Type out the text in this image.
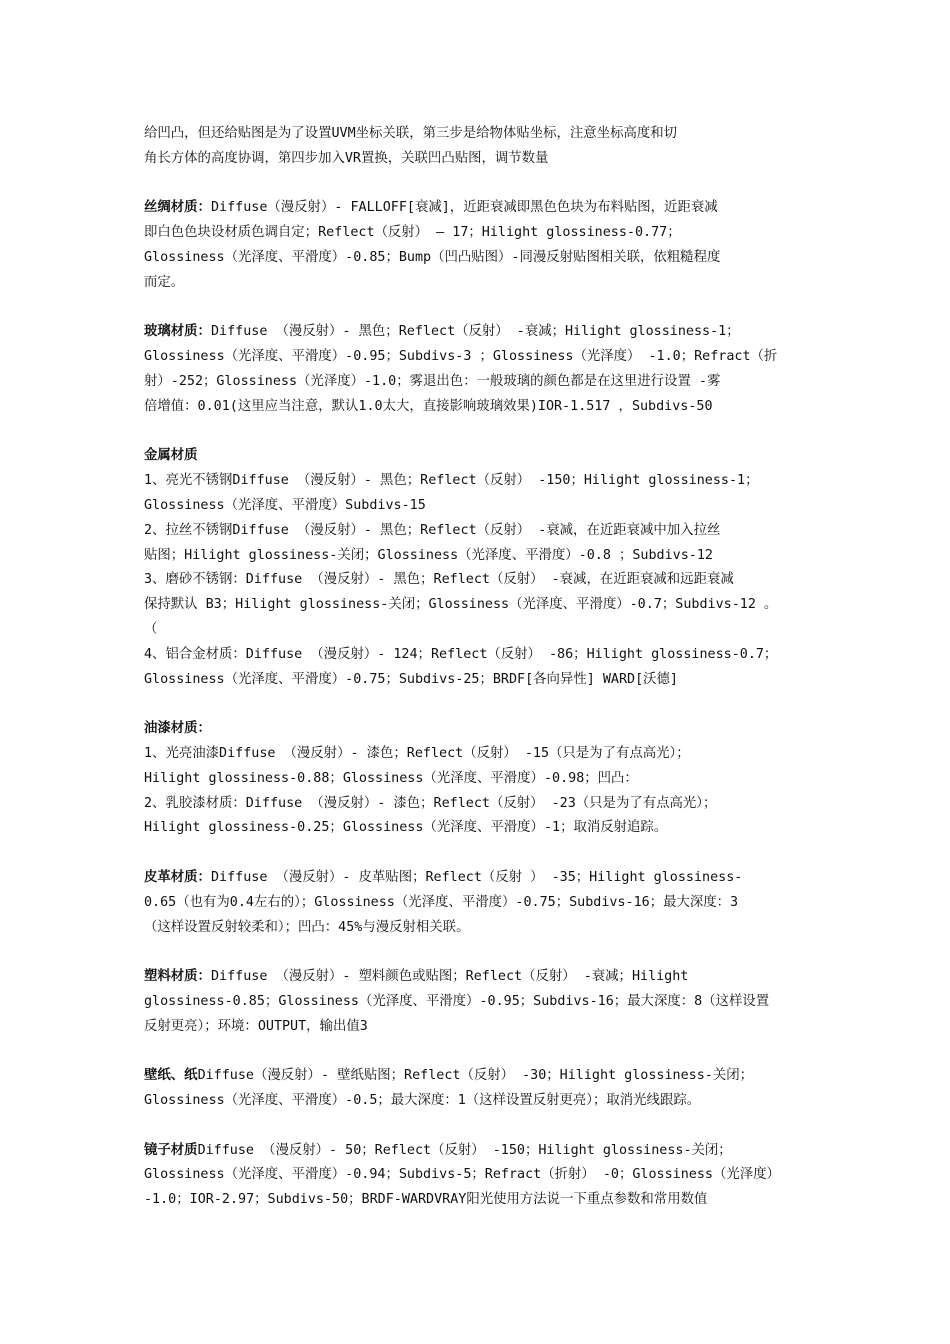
给凹凸，但还给贴图是为了设置UVM坐标关联，第三步是给物体贴坐标，注意坐标高度和切
角长方体的高度协调，第四步加入VR置换，关联凹凸贴图，调节数量
丝绸材质：Diffuse（漫反射）- FALLOFF[衰减]，近距衰减即黑色色块为布料贴图，近距衰减
即白色色块设材质色调自定；Reflect（反射） – 17；Hilight glossiness-0.77；
Glossiness（光泽度、平滑度）-0.85；Bump（凹凸贴图）-同漫反射贴图相关联，依粗糙程度
而定。
玻璃材质：Diffuse （漫反射）- 黑色；Reflect（反射） -衰减；Hilight glossiness-1；
Glossiness（光泽度、平滑度）-0.95；Subdivs-3 ；Glossiness（光泽度） -1.0；Refract（折
射）-252；Glossiness（光泽度）-1.0；雾退出色：一般玻璃的颜色都是在这里进行设置 -雾
倍增值：0.01(这里应当注意，默认1.0太大，直接影响玻璃效果)IOR-1.517 ，Subdivs-50
金属材质
1、亮光不锈钢Diffuse （漫反射）- 黑色；Reflect（反射） -150；Hilight glossiness-1；
Glossiness（光泽度、平滑度）Subdivs-15
2、拉丝不锈钢Diffuse （漫反射）- 黑色；Reflect（反射） -衰减，在近距衰减中加入拉丝
贴图；Hilight glossiness-关闭；Glossiness（光泽度、平滑度）-0.8 ；Subdivs-12
3、磨砂不锈钢：Diffuse （漫反射）- 黑色；Reflect（反射） -衰减，在近距衰减和远距衰减
保持默认 B3；Hilight glossiness-关闭；Glossiness（光泽度、平滑度）-0.7；Subdivs-12 。
（
4、铝合金材质：Diffuse （漫反射）- 124；Reflect（反射） -86；Hilight glossiness-0.7；
Glossiness（光泽度、平滑度）-0.75；Subdivs-25；BRDF[各向异性] WARD[沃德]
油漆材质：
1、光亮油漆Diffuse （漫反射）- 漆色；Reflect（反射） -15（只是为了有点高光）；
Hilight glossiness-0.88；Glossiness（光泽度、平滑度）-0.98；凹凸：
2、乳胶漆材质：Diffuse （漫反射）- 漆色；Reflect（反射） -23（只是为了有点高光）；
Hilight glossiness-0.25；Glossiness（光泽度、平滑度）-1；取消反射追踪。
皮革材质：Diffuse （漫反射）- 皮革贴图；Reflect（反射 ） -35；Hilight glossiness-
0.65（也有为0.4左右的）；Glossiness（光泽度、平滑度）-0.75；Subdivs-16；最大深度：3
（这样设置反射较柔和）；凹凸：45%与漫反射相关联。
塑料材质：Diffuse （漫反射）- 塑料颜色或贴图；Reflect（反射） -衰减；Hilight
glossiness-0.85；Glossiness（光泽度、平滑度）-0.95；Subdivs-16；最大深度：8（这样设置
反射更亮）；环境：OUTPUT，输出值3
壁纸、纸Diffuse（漫反射）- 壁纸贴图；Reflect（反射） -30；Hilight glossiness-关闭；
Glossiness（光泽度、平滑度）-0.5；最大深度：1（这样设置反射更亮）；取消光线跟踪。
镜子材质Diffuse （漫反射）- 50；Reflect（反射） -150；Hilight glossiness-关闭；
Glossiness（光泽度、平滑度）-0.94；Subdivs-5；Refract（折射） -0；Glossiness（光泽度）
-1.0；IOR-2.97；Subdivs-50；BRDF-WARDVRAY阳光使用方法说一下重点参数和常用数值
